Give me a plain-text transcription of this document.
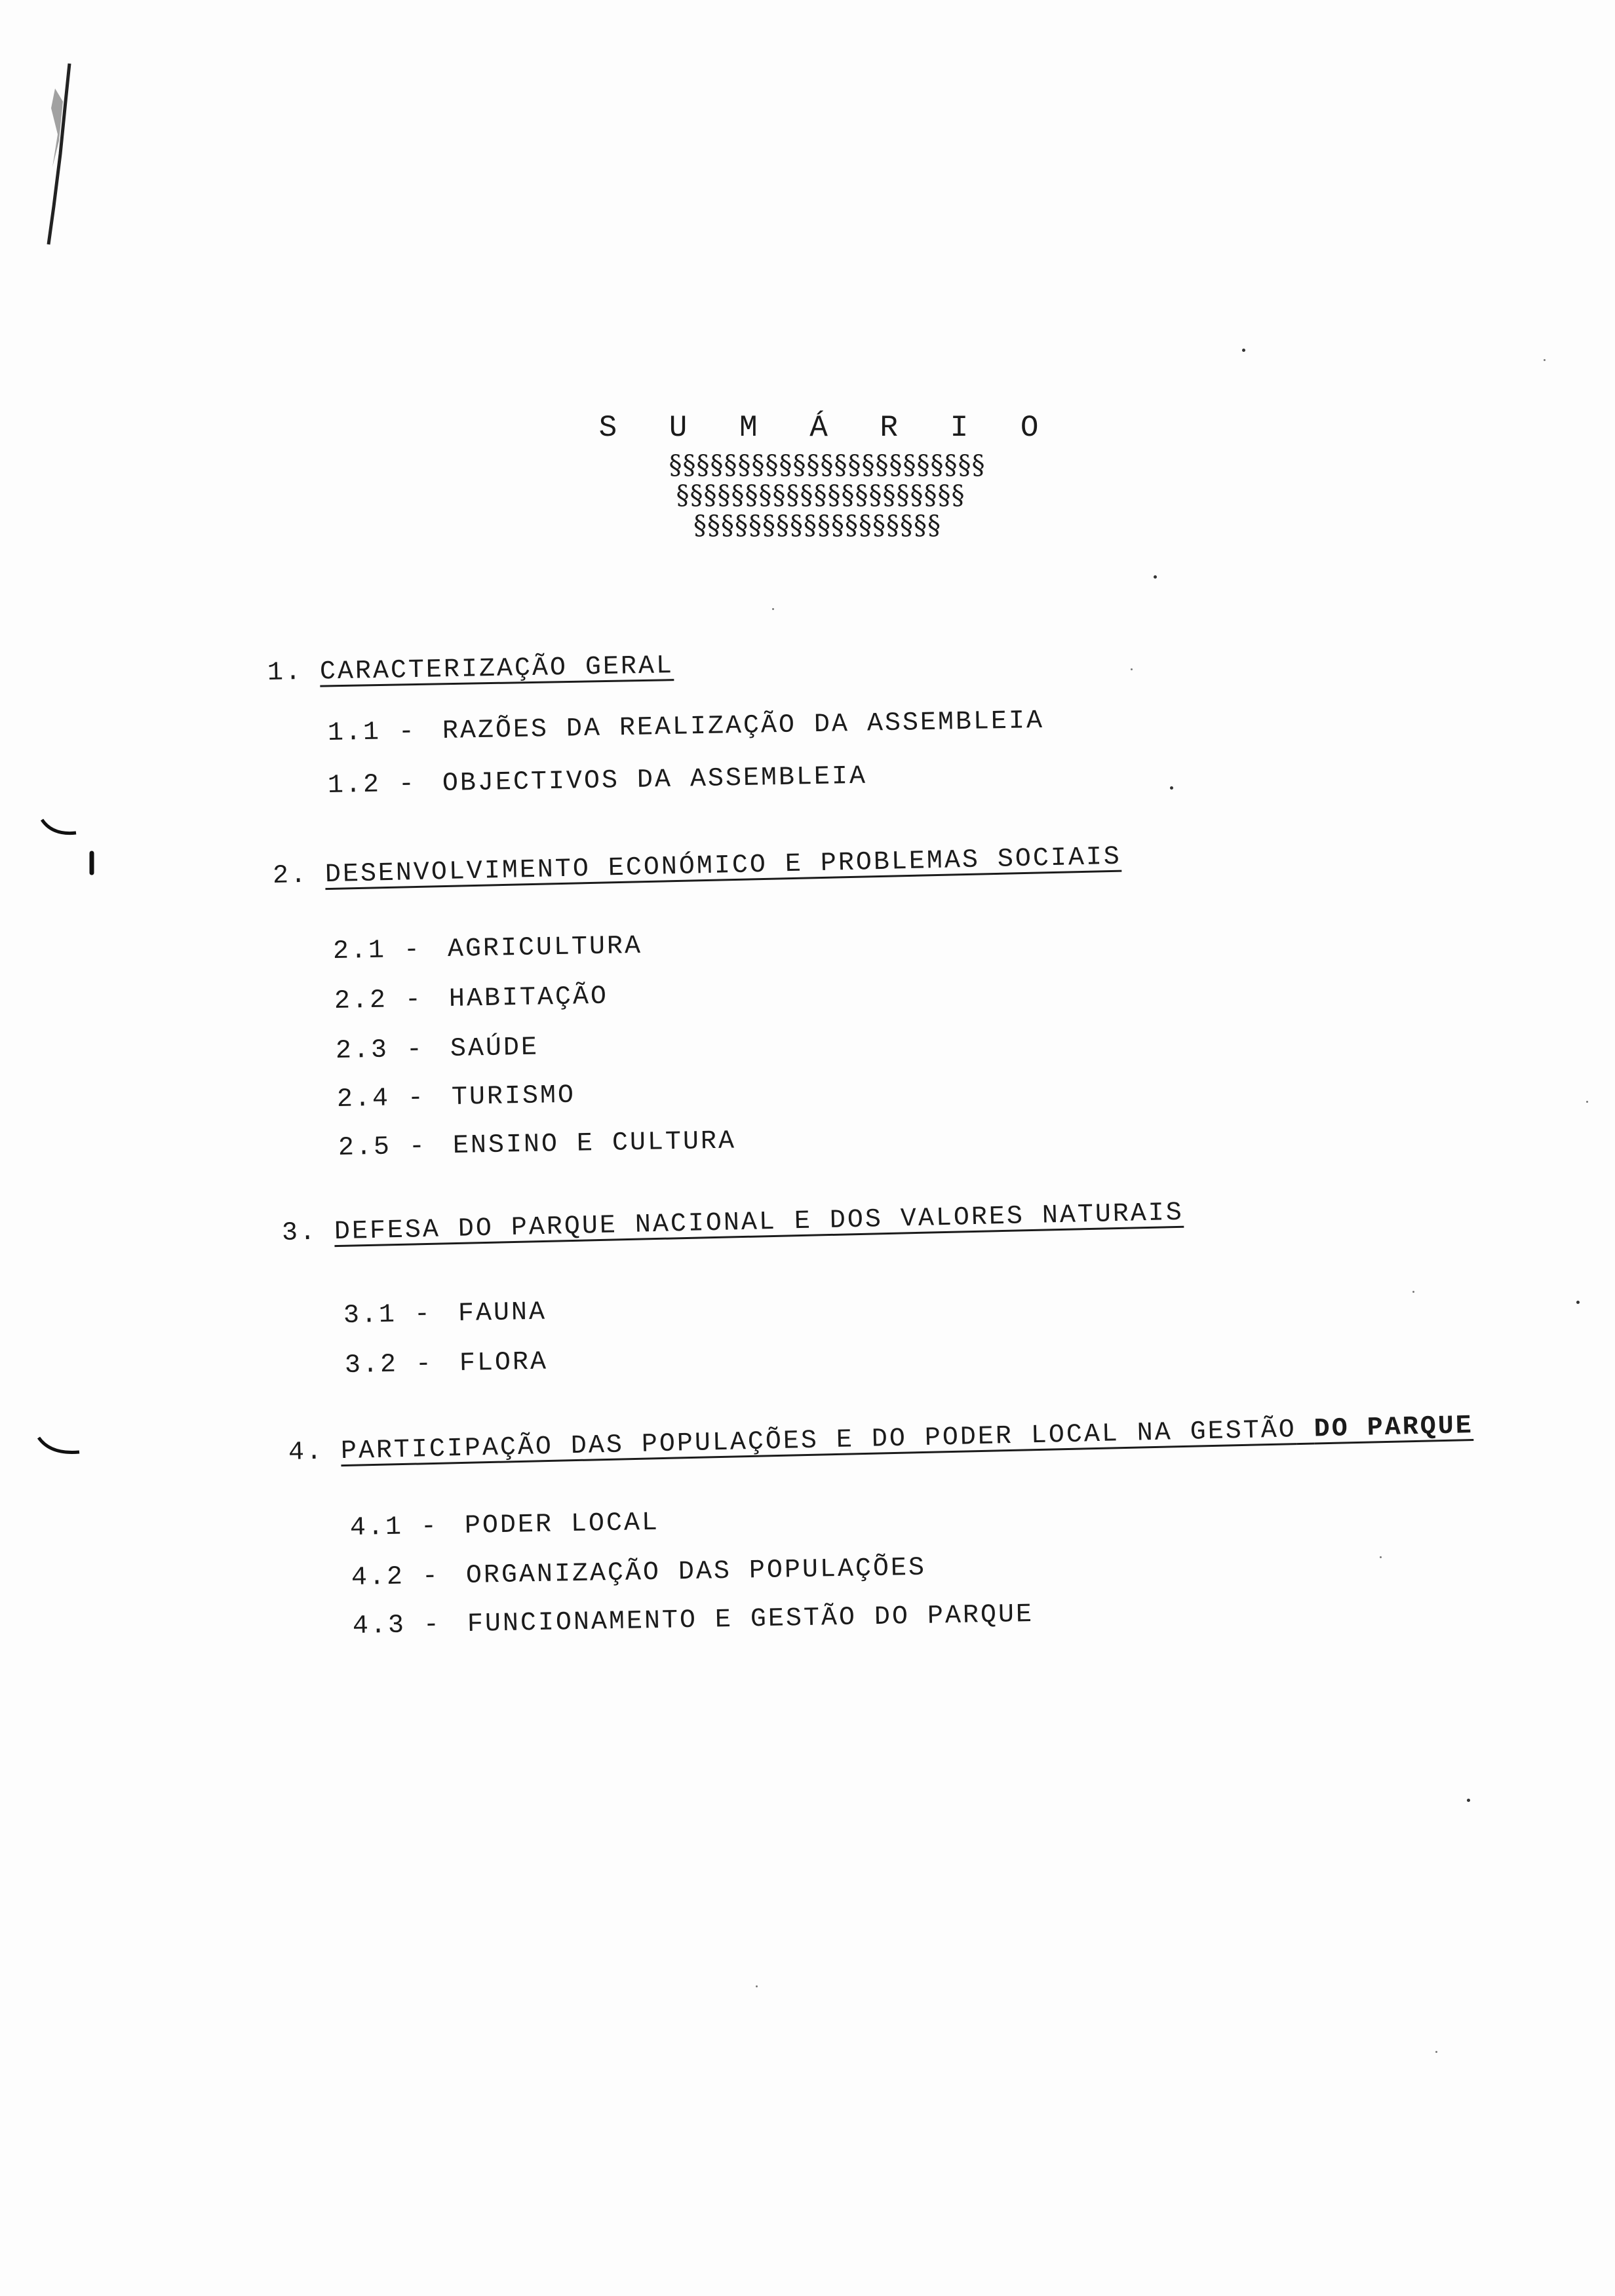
S U M Á R I O
§§§§§§§§§§§§§§§§§§§§§§§
§§§§§§§§§§§§§§§§§§§§§
§§§§§§§§§§§§§§§§§§
1. CARACTERIZAÇÃO GERAL
1.1 - RAZÕES DA REALIZAÇÃO DA ASSEMBLEIA
1.2 - OBJECTIVOS DA ASSEMBLEIA
2. DESENVOLVIMENTO ECONÓMICO E PROBLEMAS SOCIAIS
2.1 - AGRICULTURA
2.2 - HABITAÇÃO
2.3 - SAÚDE
2.4 - TURISMO
2.5 - ENSINO E CULTURA
3. DEFESA DO PARQUE NACIONAL E DOS VALORES NATURAIS
3.1 - FAUNA
3.2 - FLORA
4. PARTICIPAÇÃO DAS POPULAÇÕES E DO PODER LOCAL NA GESTÃO DO PARQUE
4.1 - PODER LOCAL
4.2 - ORGANIZAÇÃO DAS POPULAÇÕES
4.3 - FUNCIONAMENTO E GESTÃO DO PARQUE
